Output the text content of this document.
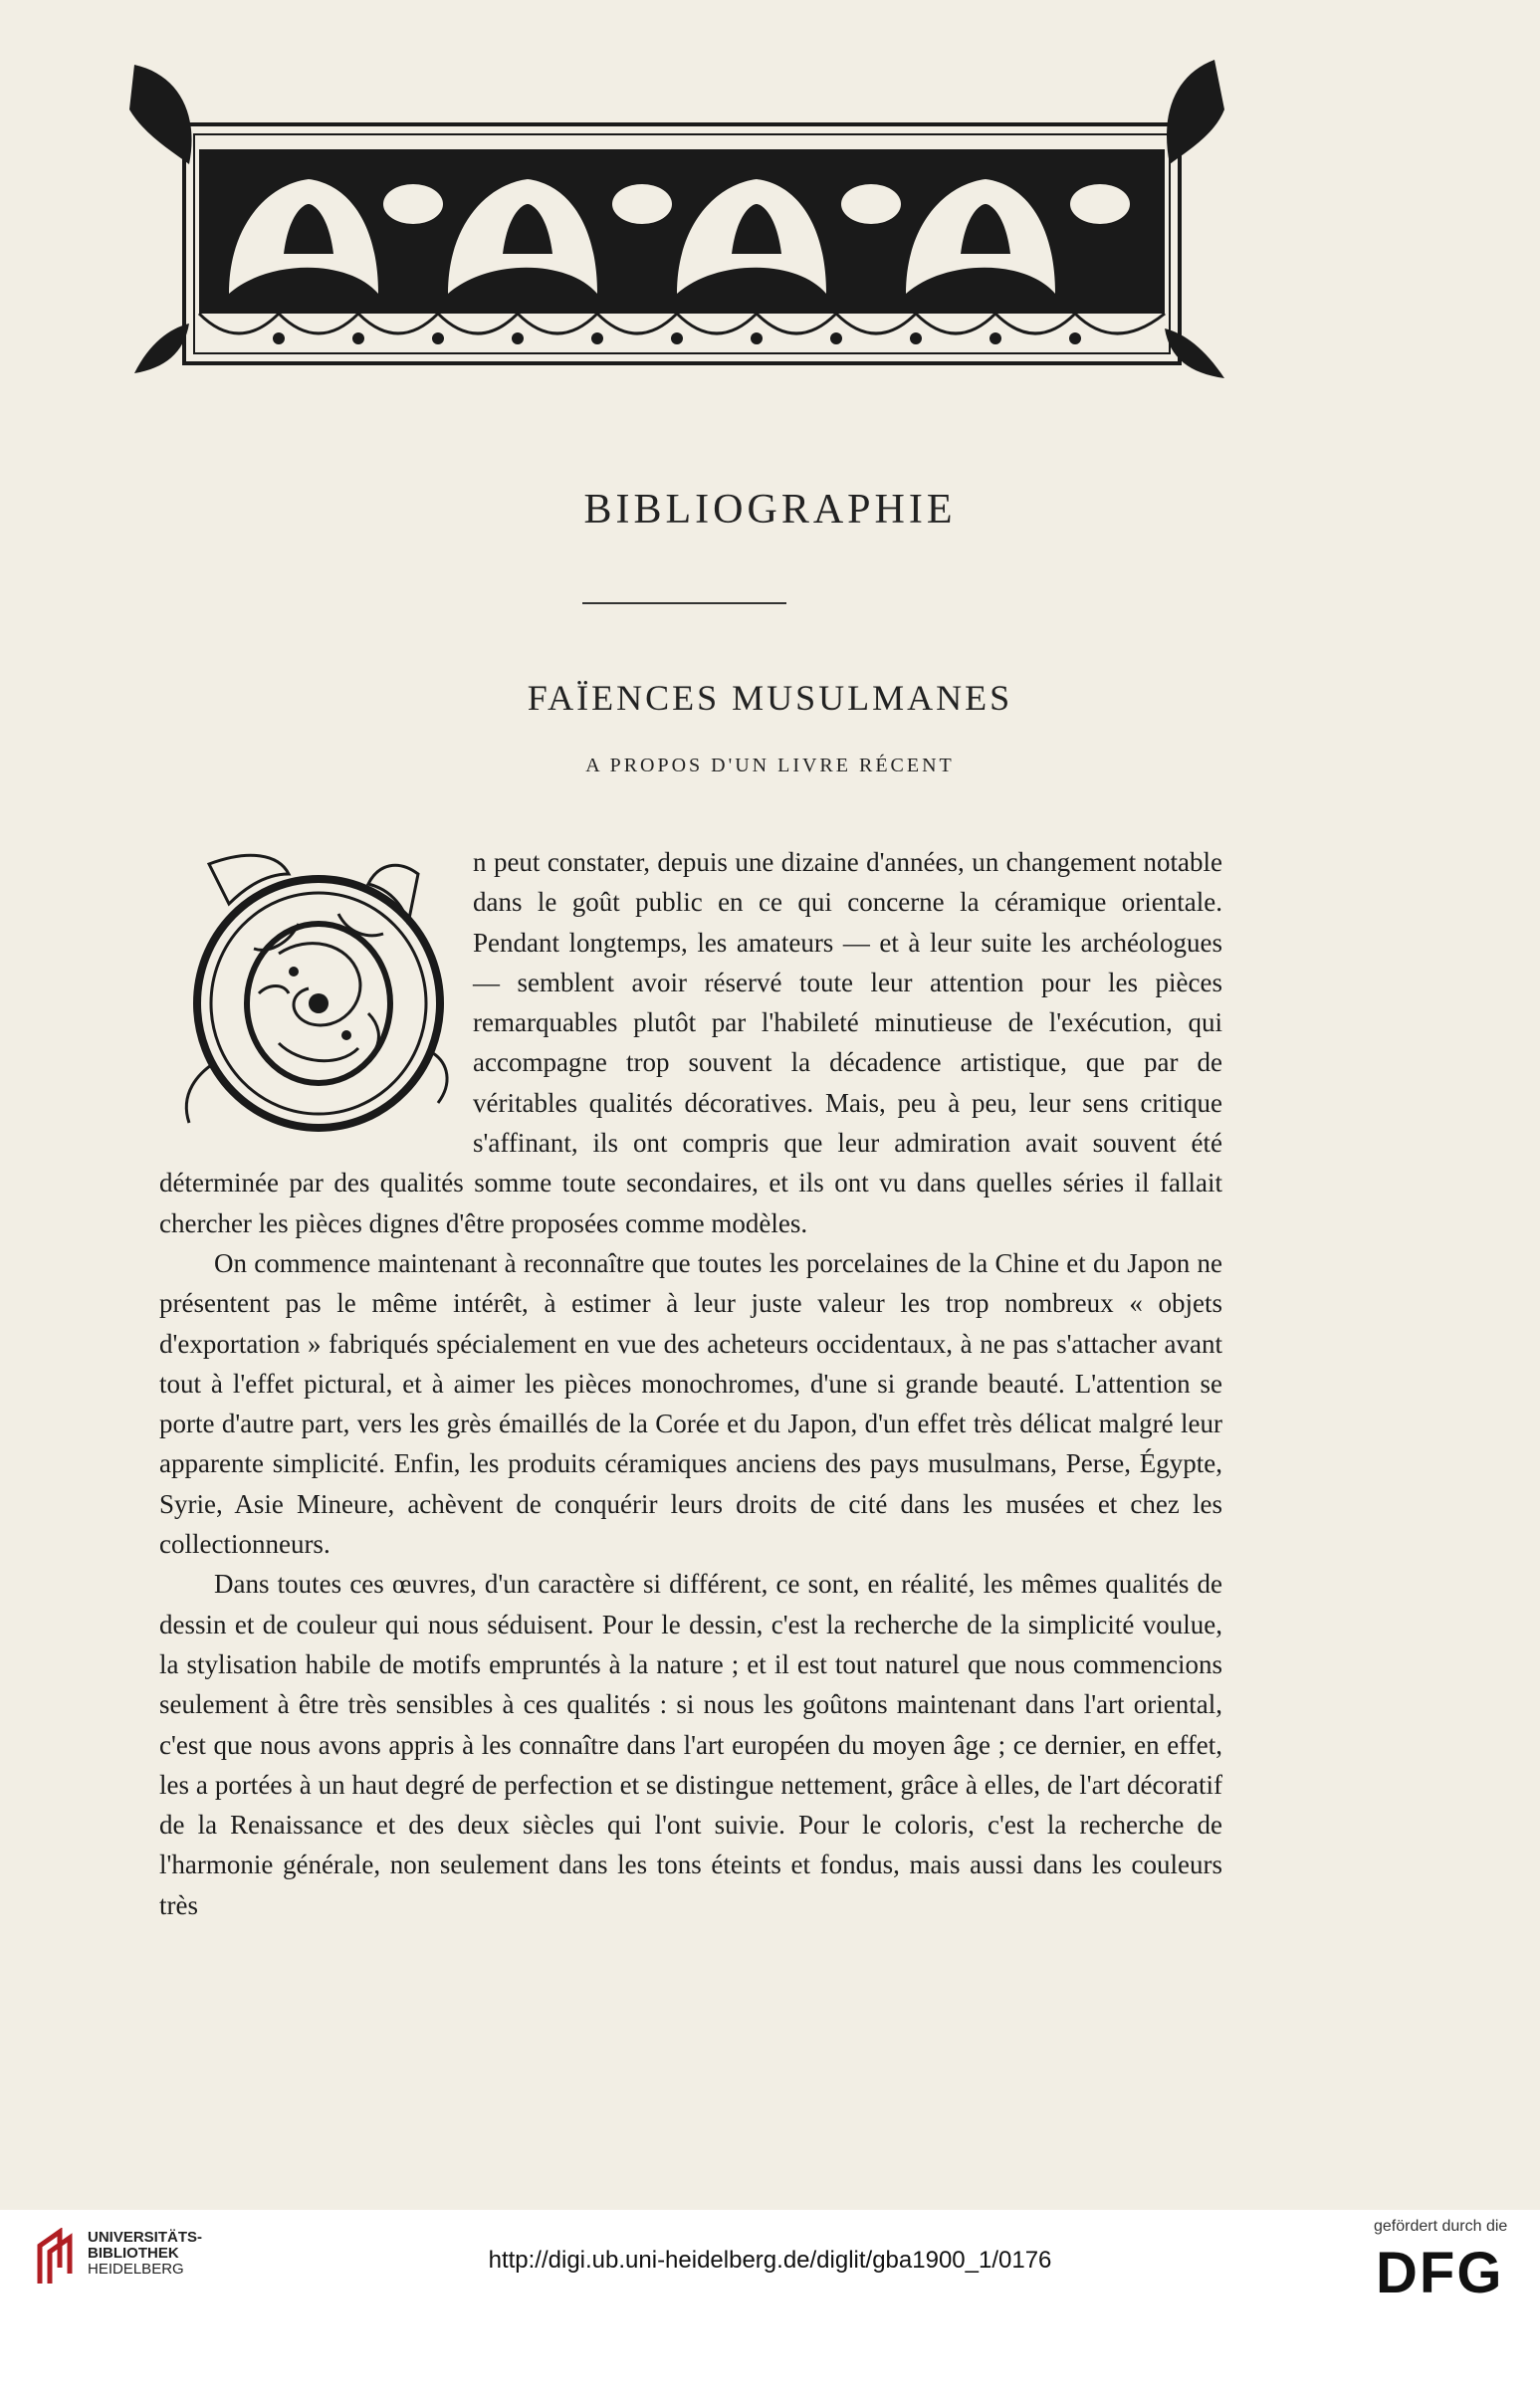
BIBLIOGRAPHIE
FAÏENCES MUSULMANES
A PROPOS D'UN LIVRE RÉCENT
O

n peut constater, depuis une dizaine d'années, un changement notable dans le goût public en ce qui concerne la céramique orientale. Pendant longtemps, les amateurs — et à leur suite les archéologues — semblent avoir réservé toute leur attention pour les pièces remarquables plutôt par l'habileté minutieuse de l'exécution, qui accompagne trop souvent la décadence artistique, que par de véritables qualités décoratives. Mais, peu à peu, leur sens critique s'affinant, ils ont compris que leur admiration avait souvent été déterminée par des qualités somme toute secondaires, et ils ont vu dans quelles séries il fallait chercher les pièces dignes d'être proposées comme modèles.

On commence maintenant à reconnaître que toutes les porcelaines de la Chine et du Japon ne présentent pas le même intérêt, à estimer à leur juste valeur les trop nombreux « objets d'exportation » fabriqués spécialement en vue des acheteurs occidentaux, à ne pas s'attacher avant tout à l'effet pictural, et à aimer les pièces monochromes, d'une si grande beauté. L'attention se porte d'autre part, vers les grès émaillés de la Corée et du Japon, d'un effet très délicat malgré leur apparente simplicité. Enfin, les produits céramiques anciens des pays musulmans, Perse, Égypte, Syrie, Asie Mineure, achèvent de conquérir leurs droits de cité dans les musées et chez les collectionneurs.

Dans toutes ces œuvres, d'un caractère si différent, ce sont, en réalité, les mêmes qualités de dessin et de couleur qui nous séduisent. Pour le dessin, c'est la recherche de la simplicité voulue, la stylisation habile de motifs empruntés à la nature ; et il est tout naturel que nous commencions seulement à être très sensibles à ces qualités : si nous les goûtons maintenant dans l'art oriental, c'est que nous avons appris à les connaître dans l'art européen du moyen âge ; ce dernier, en effet, les a portées à un haut degré de perfection et se distingue nettement, grâce à elles, de l'art décoratif de la Renaissance et des deux siècles qui l'ont suivie. Pour le coloris, c'est la recherche de l'harmonie générale, non seulement dans les tons éteints et fondus, mais aussi dans les couleurs très

UNIVERSITÄTS-
BIBLIOTHEK
HEIDELBERG	http://digi.ub.uni-heidelberg.de/diglit/gba1900_1/0176
gefördert durch die
DFG
